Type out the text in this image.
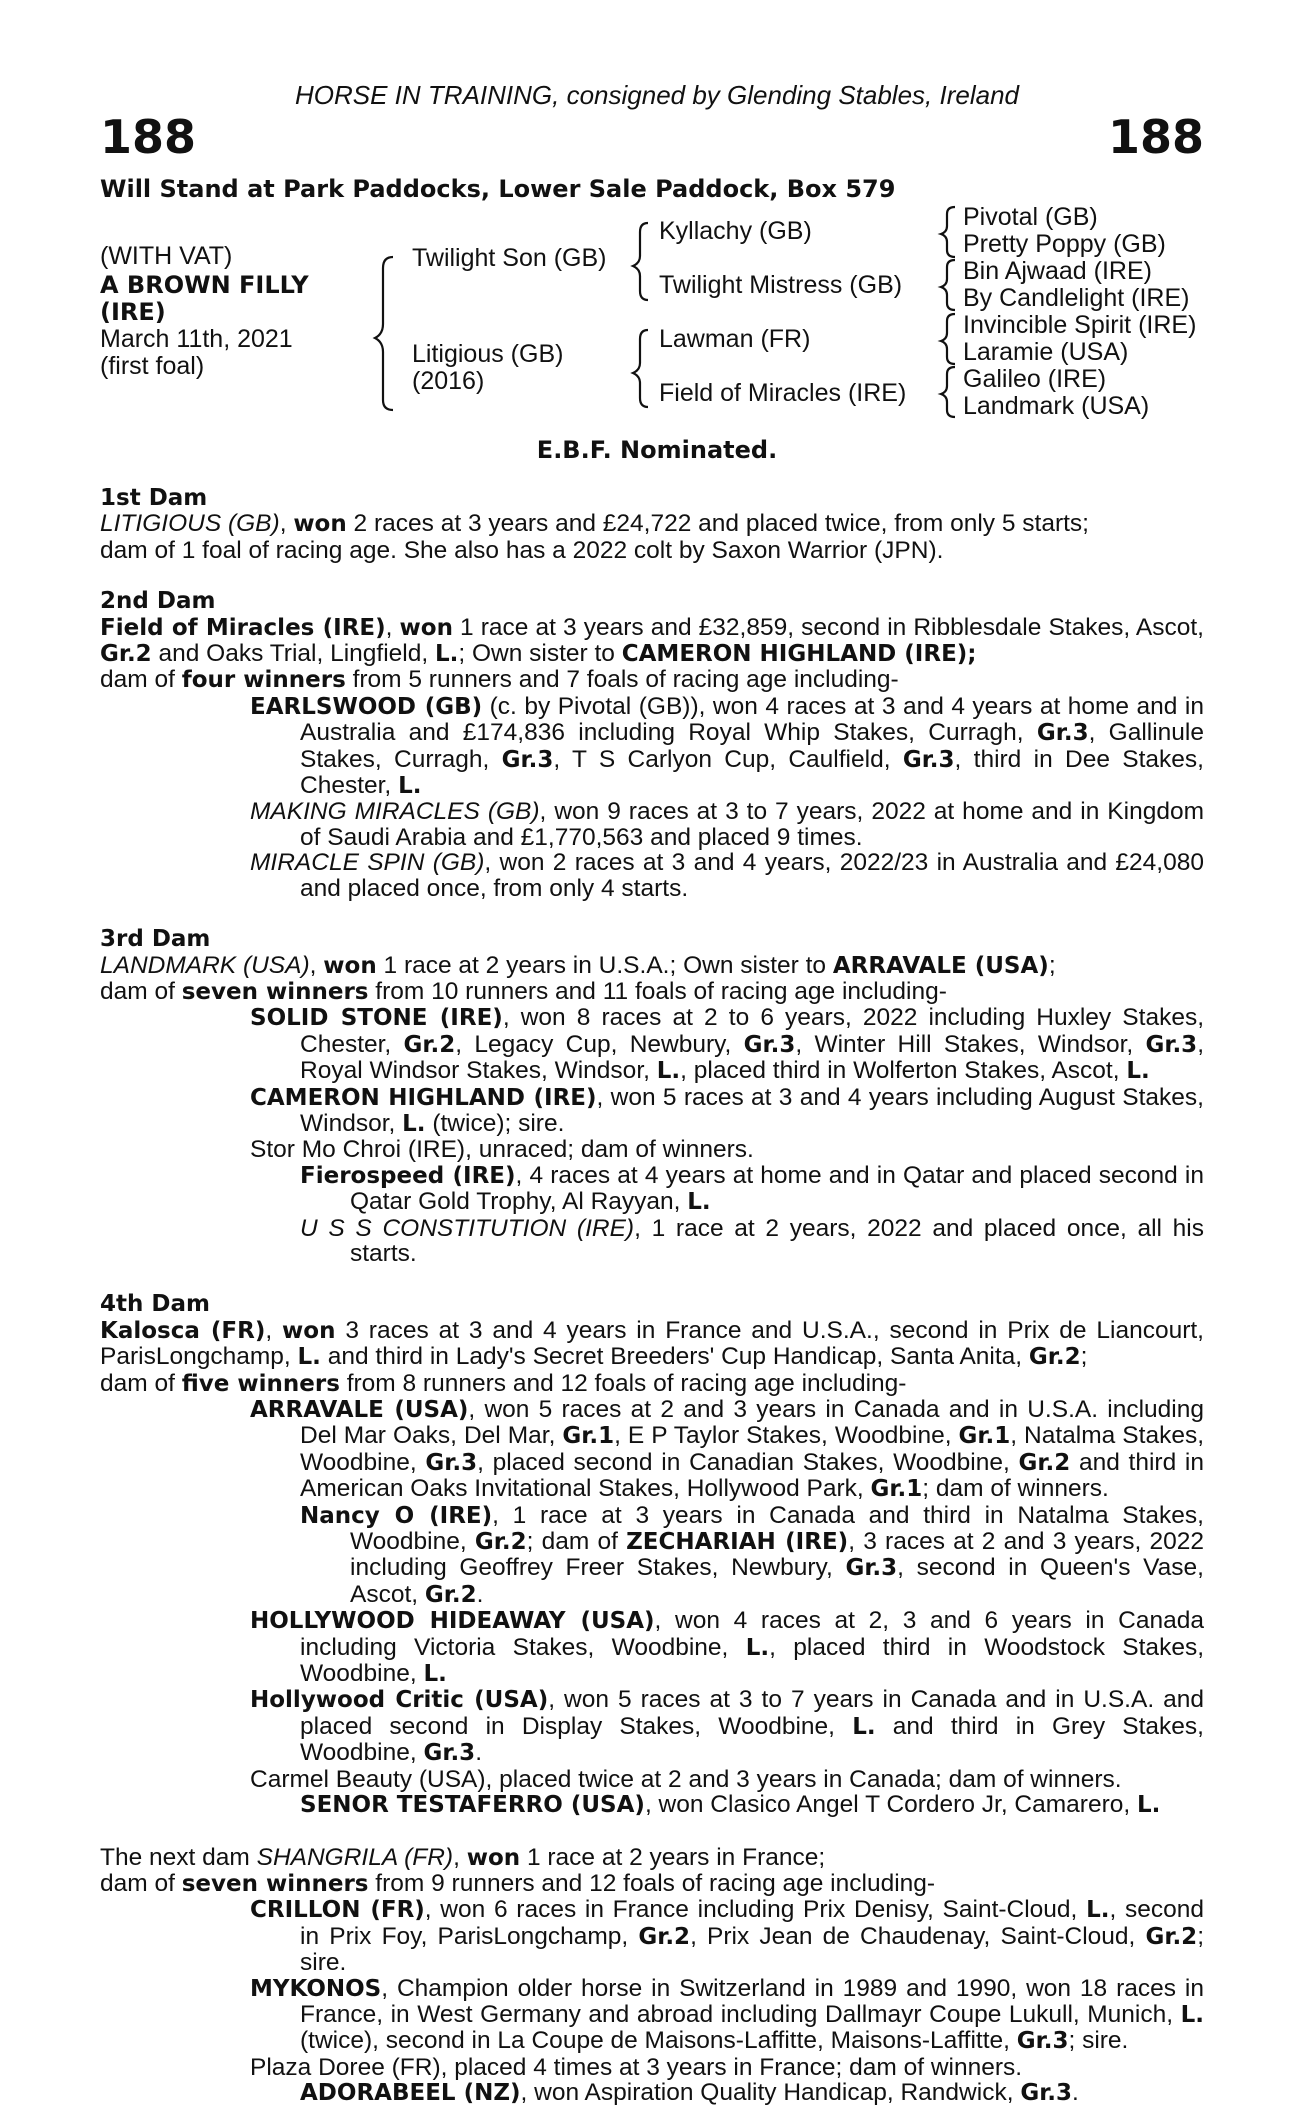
HORSE IN TRAINING, consigned by Glending Stables, Ireland
188	188
Will Stand at Park Paddocks, Lower Sale Paddock, Box 579
(WITH VAT)
A BROWN FILLY
(IRE)
March 11th, 2021
(first foal)
Twilight Son (GB)
Litigious (GB)
(2016)
Kyllachy (GB)
Twilight Mistress (GB)
Lawman (FR)
Field of Miracles (IRE)
Pivotal (GB)
Pretty Poppy (GB)
Bin Ajwaad (IRE)
By Candlelight (IRE)
Invincible Spirit (IRE)
Laramie (USA)
Galileo (IRE)
Landmark (USA)
E.B.F. Nominated.

1st Dam

LITIGIOUS (GB), won 2 races at 3 years and £24,722 and placed twice, from only 5 starts;

dam of 1 foal of racing age. She also has a 2022 colt by Saxon Warrior (JPN).

2nd Dam

Field of Miracles (IRE), won 1 race at 3 years and £32,859, second in Ribblesdale Stakes, Ascot, Gr.2 and Oaks Trial, Lingfield, L.; Own sister to CAMERON HIGHLAND (IRE);

dam of four winners from 5 runners and 7 foals of racing age including-

EARLSWOOD (GB) (c. by Pivotal (GB)), won 4 races at 3 and 4 years at home and in Australia and £174,836 including Royal Whip Stakes, Curragh, Gr.3, Gallinule Stakes, Curragh, Gr.3, T S Carlyon Cup, Caulfield, Gr.3, third in Dee Stakes, Chester, L.

MAKING MIRACLES (GB), won 9 races at 3 to 7 years, 2022 at home and in Kingdom of Saudi Arabia and £1,770,563 and placed 9 times.

MIRACLE SPIN (GB), won 2 races at 3 and 4 years, 2022/23 in Australia and £24,080 and placed once, from only 4 starts.

3rd Dam

LANDMARK (USA), won 1 race at 2 years in U.S.A.; Own sister to ARRAVALE (USA);

dam of seven winners from 10 runners and 11 foals of racing age including-

SOLID STONE (IRE), won 8 races at 2 to 6 years, 2022 including Huxley Stakes, Chester, Gr.2, Legacy Cup, Newbury, Gr.3, Winter Hill Stakes, Windsor, Gr.3, Royal Windsor Stakes, Windsor, L., placed third in Wolferton Stakes, Ascot, L.

CAMERON HIGHLAND (IRE), won 5 races at 3 and 4 years including August Stakes, Windsor, L. (twice); sire.

Stor Mo Chroi (IRE), unraced; dam of winners.

Fierospeed (IRE), 4 races at 4 years at home and in Qatar and placed second in Qatar Gold Trophy, Al Rayyan, L.

U S S CONSTITUTION (IRE), 1 race at 2 years, 2022 and placed once, all his starts.

4th Dam

Kalosca (FR), won 3 races at 3 and 4 years in France and U.S.A., second in Prix de Liancourt, ParisLongchamp, L. and third in Lady's Secret Breeders' Cup Handicap, Santa Anita, Gr.2;

dam of five winners from 8 runners and 12 foals of racing age including-

ARRAVALE (USA), won 5 races at 2 and 3 years in Canada and in U.S.A. including Del Mar Oaks, Del Mar, Gr.1, E P Taylor Stakes, Woodbine, Gr.1, Natalma Stakes, Woodbine, Gr.3, placed second in Canadian Stakes, Woodbine, Gr.2 and third in American Oaks Invitational Stakes, Hollywood Park, Gr.1; dam of winners.

Nancy O (IRE), 1 race at 3 years in Canada and third in Natalma Stakes, Woodbine, Gr.2; dam of ZECHARIAH (IRE), 3 races at 2 and 3 years, 2022 including Geoffrey Freer Stakes, Newbury, Gr.3, second in Queen's Vase, Ascot, Gr.2.

HOLLYWOOD HIDEAWAY (USA), won 4 races at 2, 3 and 6 years in Canada including Victoria Stakes, Woodbine, L., placed third in Woodstock Stakes, Woodbine, L.

Hollywood Critic (USA), won 5 races at 3 to 7 years in Canada and in U.S.A. and placed second in Display Stakes, Woodbine, L. and third in Grey Stakes, Woodbine, Gr.3.

Carmel Beauty (USA), placed twice at 2 and 3 years in Canada; dam of winners.

SENOR TESTAFERRO (USA), won Clasico Angel T Cordero Jr, Camarero, L.

The next dam SHANGRILA (FR), won 1 race at 2 years in France;

dam of seven winners from 9 runners and 12 foals of racing age including-

CRILLON (FR), won 6 races in France including Prix Denisy, Saint-Cloud, L., second in Prix Foy, ParisLongchamp, Gr.2, Prix Jean de Chaudenay, Saint-Cloud, Gr.2; sire.

MYKONOS, Champion older horse in Switzerland in 1989 and 1990, won 18 races in France, in West Germany and abroad including Dallmayr Coupe Lukull, Munich, L. (twice), second in La Coupe de Maisons-Laffitte, Maisons-Laffitte, Gr.3; sire.

Plaza Doree (FR), placed 4 times at 3 years in France; dam of winners.

ADORABEEL (NZ), won Aspiration Quality Handicap, Randwick, Gr.3.
